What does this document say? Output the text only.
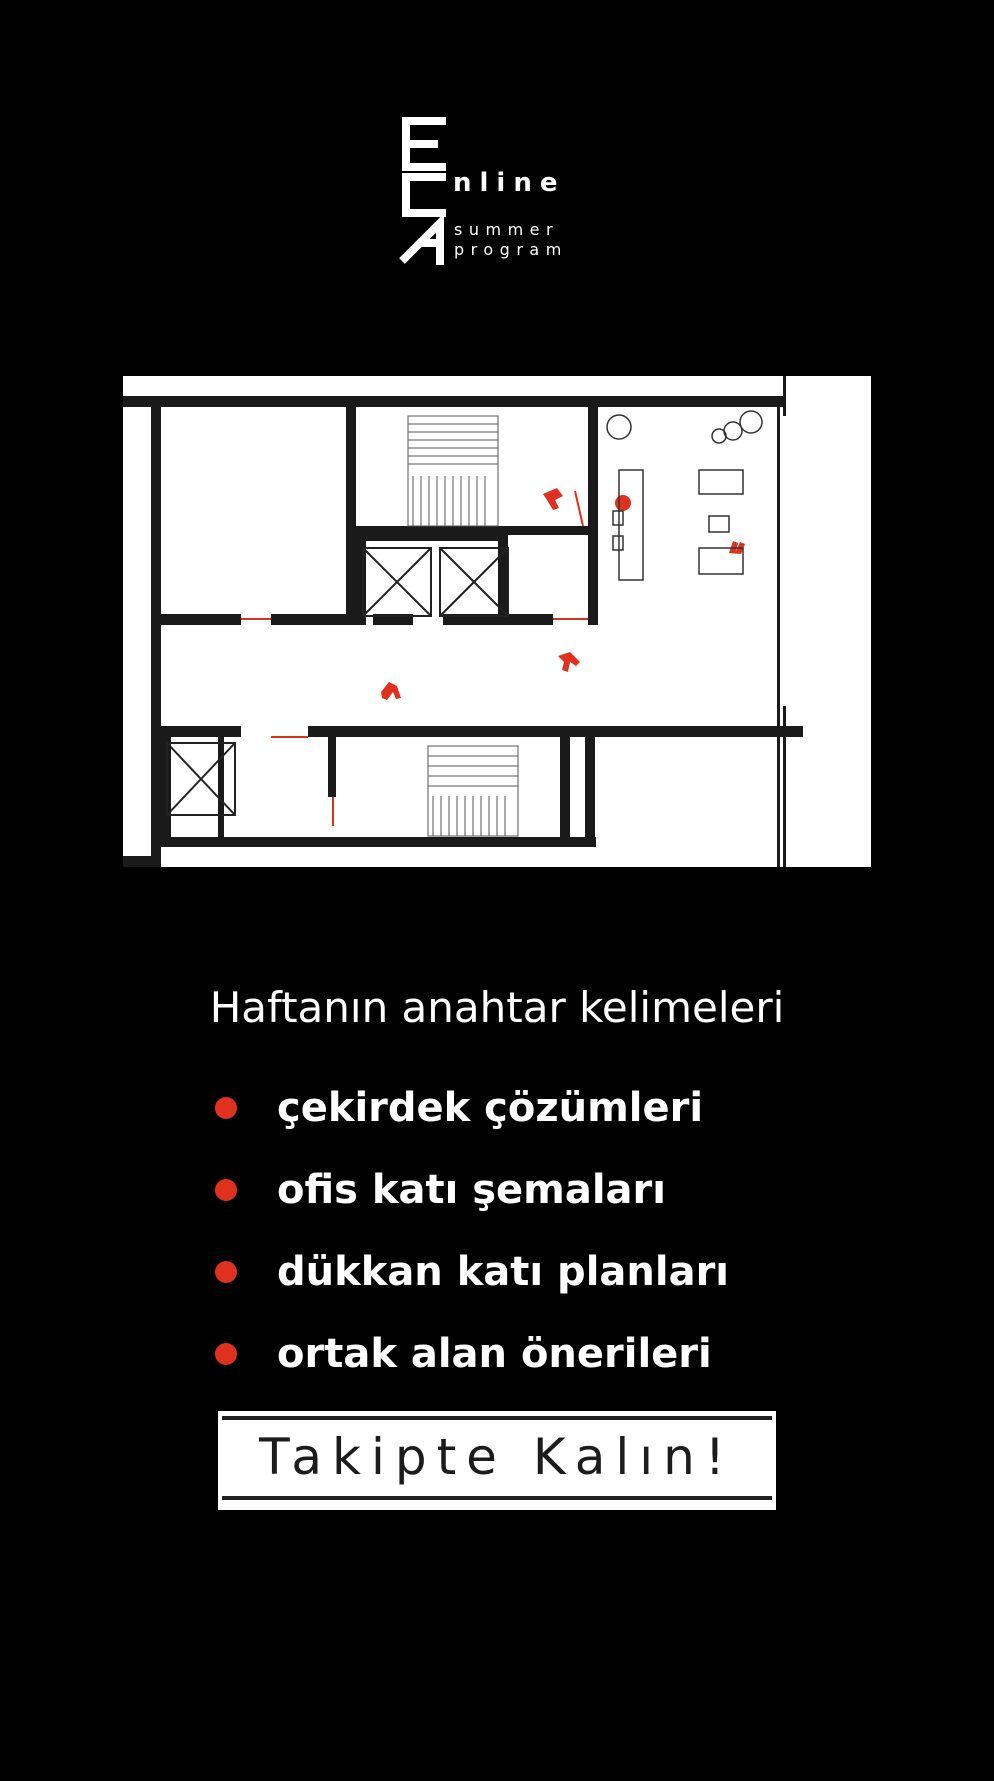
nline
summer
program
Haftanın anahtar kelimeleri
çekirdek çözümleri
ofis katı şemaları
dükkan katı planları
ortak alan önerileri
Takipte Kalın!
